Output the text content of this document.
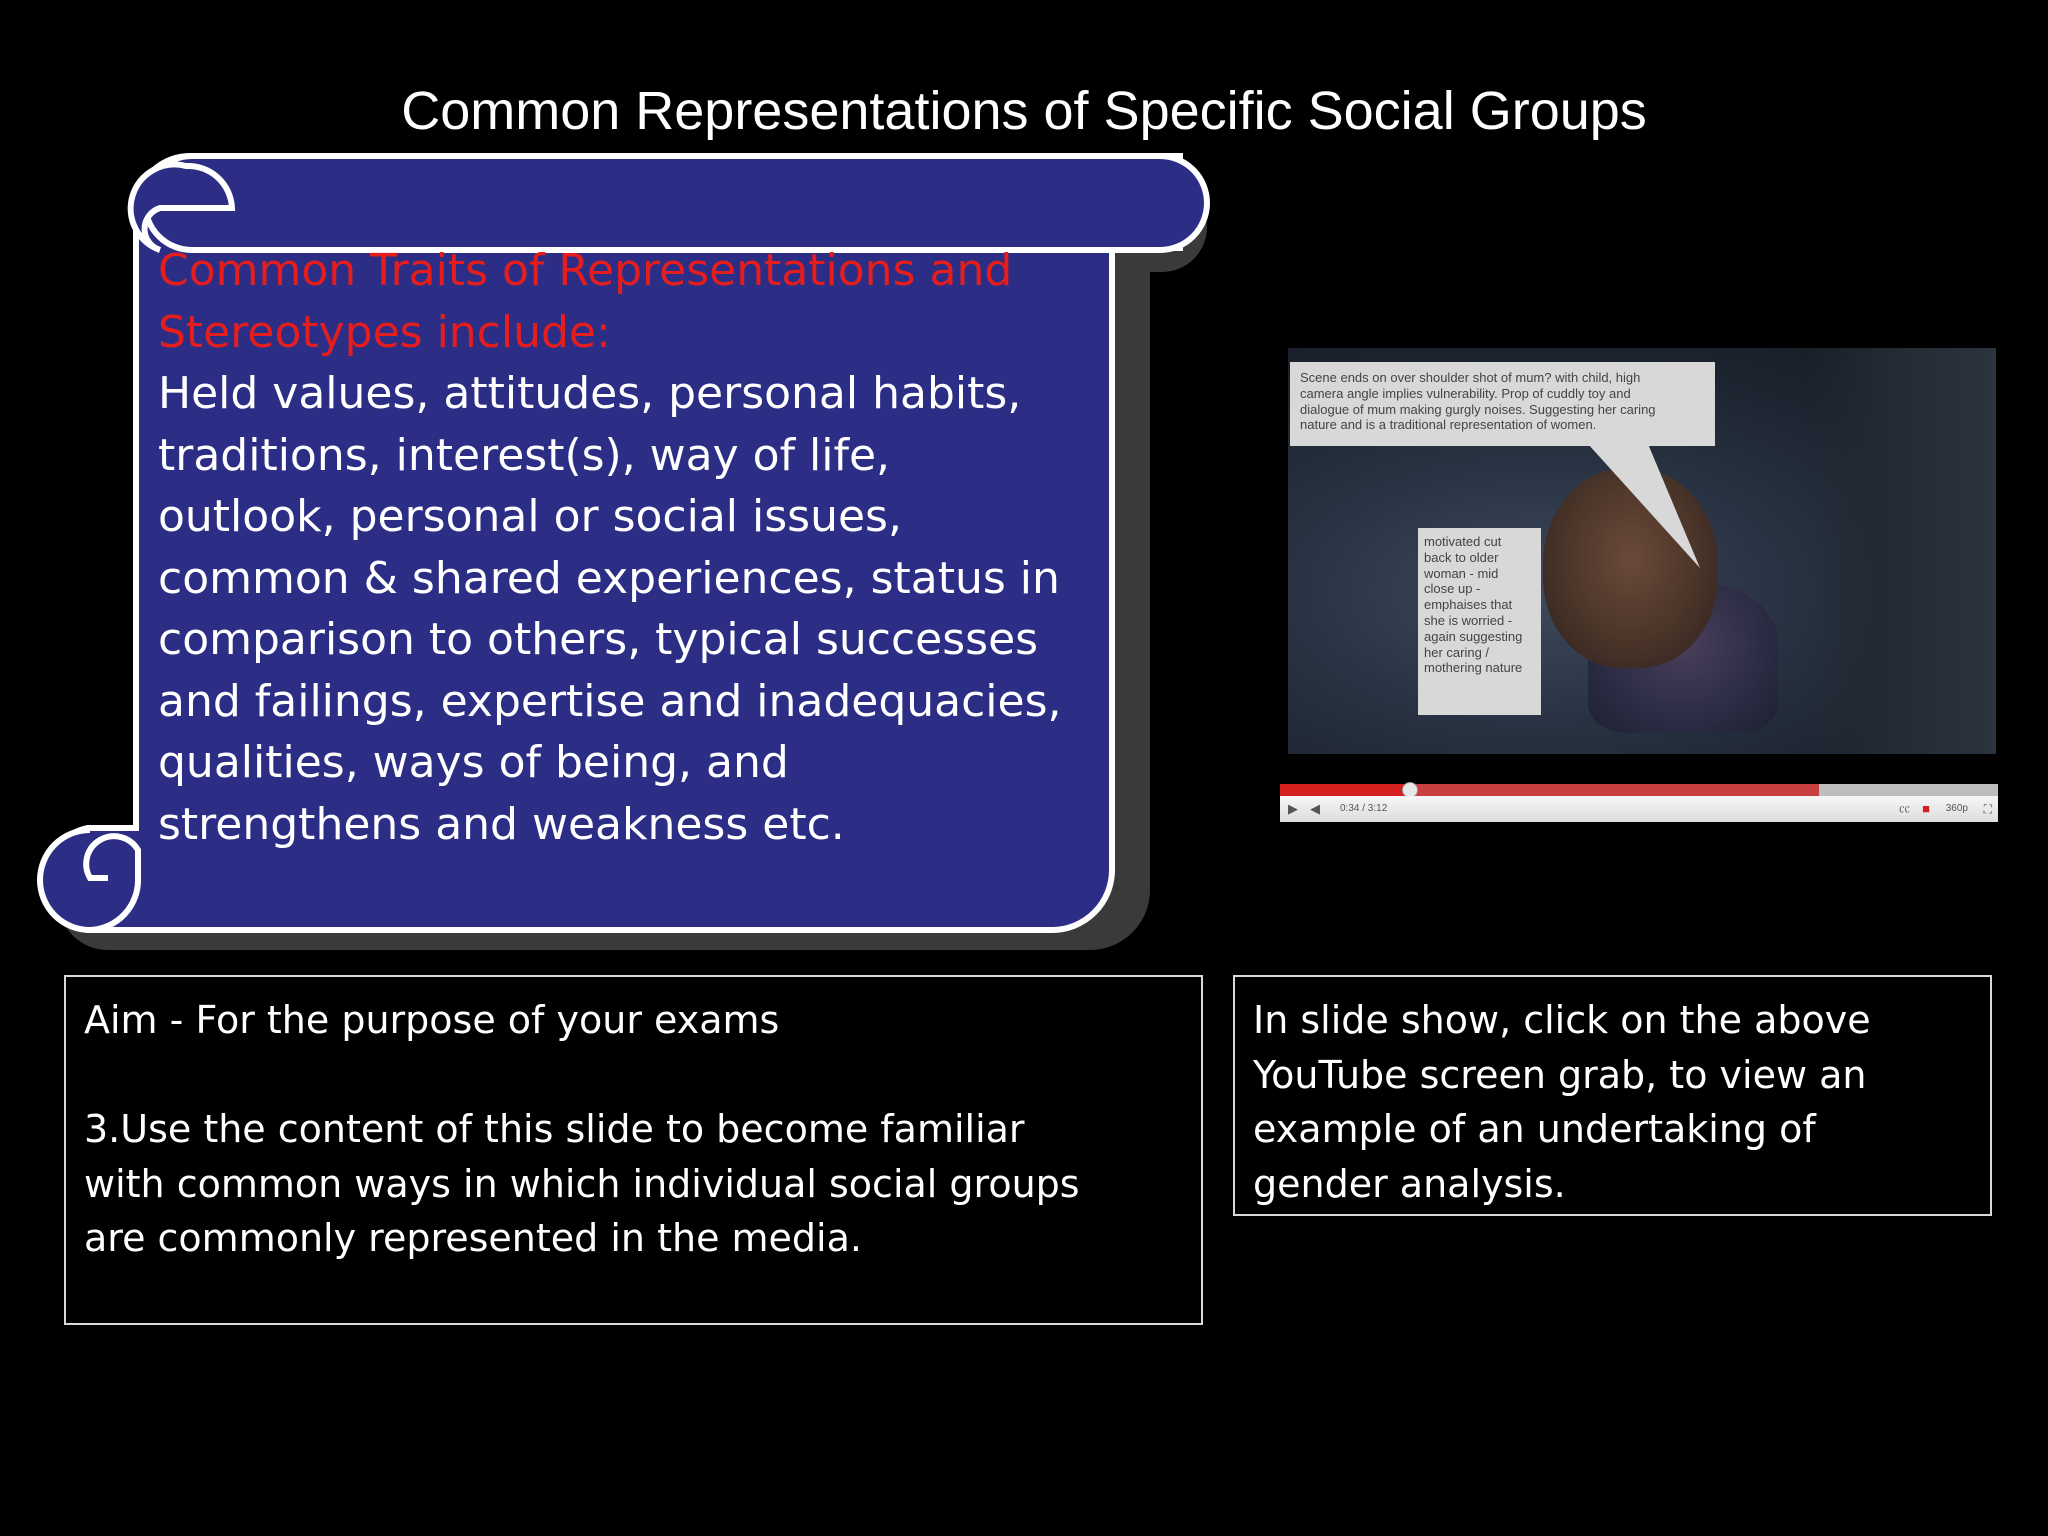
Common Representations of Specific Social Groups
Common Traits of Representations and
Stereotypes include:
Held values, attitudes, personal habits,
traditions, interest(s), way of life,
outlook, personal or social issues,
common & shared experiences, status in
comparison to others, typical successes
and failings, expertise and inadequacies,
qualities, ways of being, and
strengthens and weakness etc.
Scene ends on over shoulder shot of mum? with child, high
camera angle implies vulnerability. Prop of cuddly toy and
dialogue of mum making gurgly noises. Suggesting her caring
nature and is a traditional representation of women.
motivated cut
back to older
woman - mid
close up -
emphaises that
she is worried -
again suggesting
her caring /
mothering nature
▶ ◀ 0:34 / 3:12	㏄ ■ 360p ⛶
Aim - For the purpose of your exams

3.Use the content of this slide to become familiar
with common ways in which individual social groups
are commonly represented in the media.
In slide show, click on the above
YouTube screen grab, to view an
example of an undertaking of
gender analysis.
